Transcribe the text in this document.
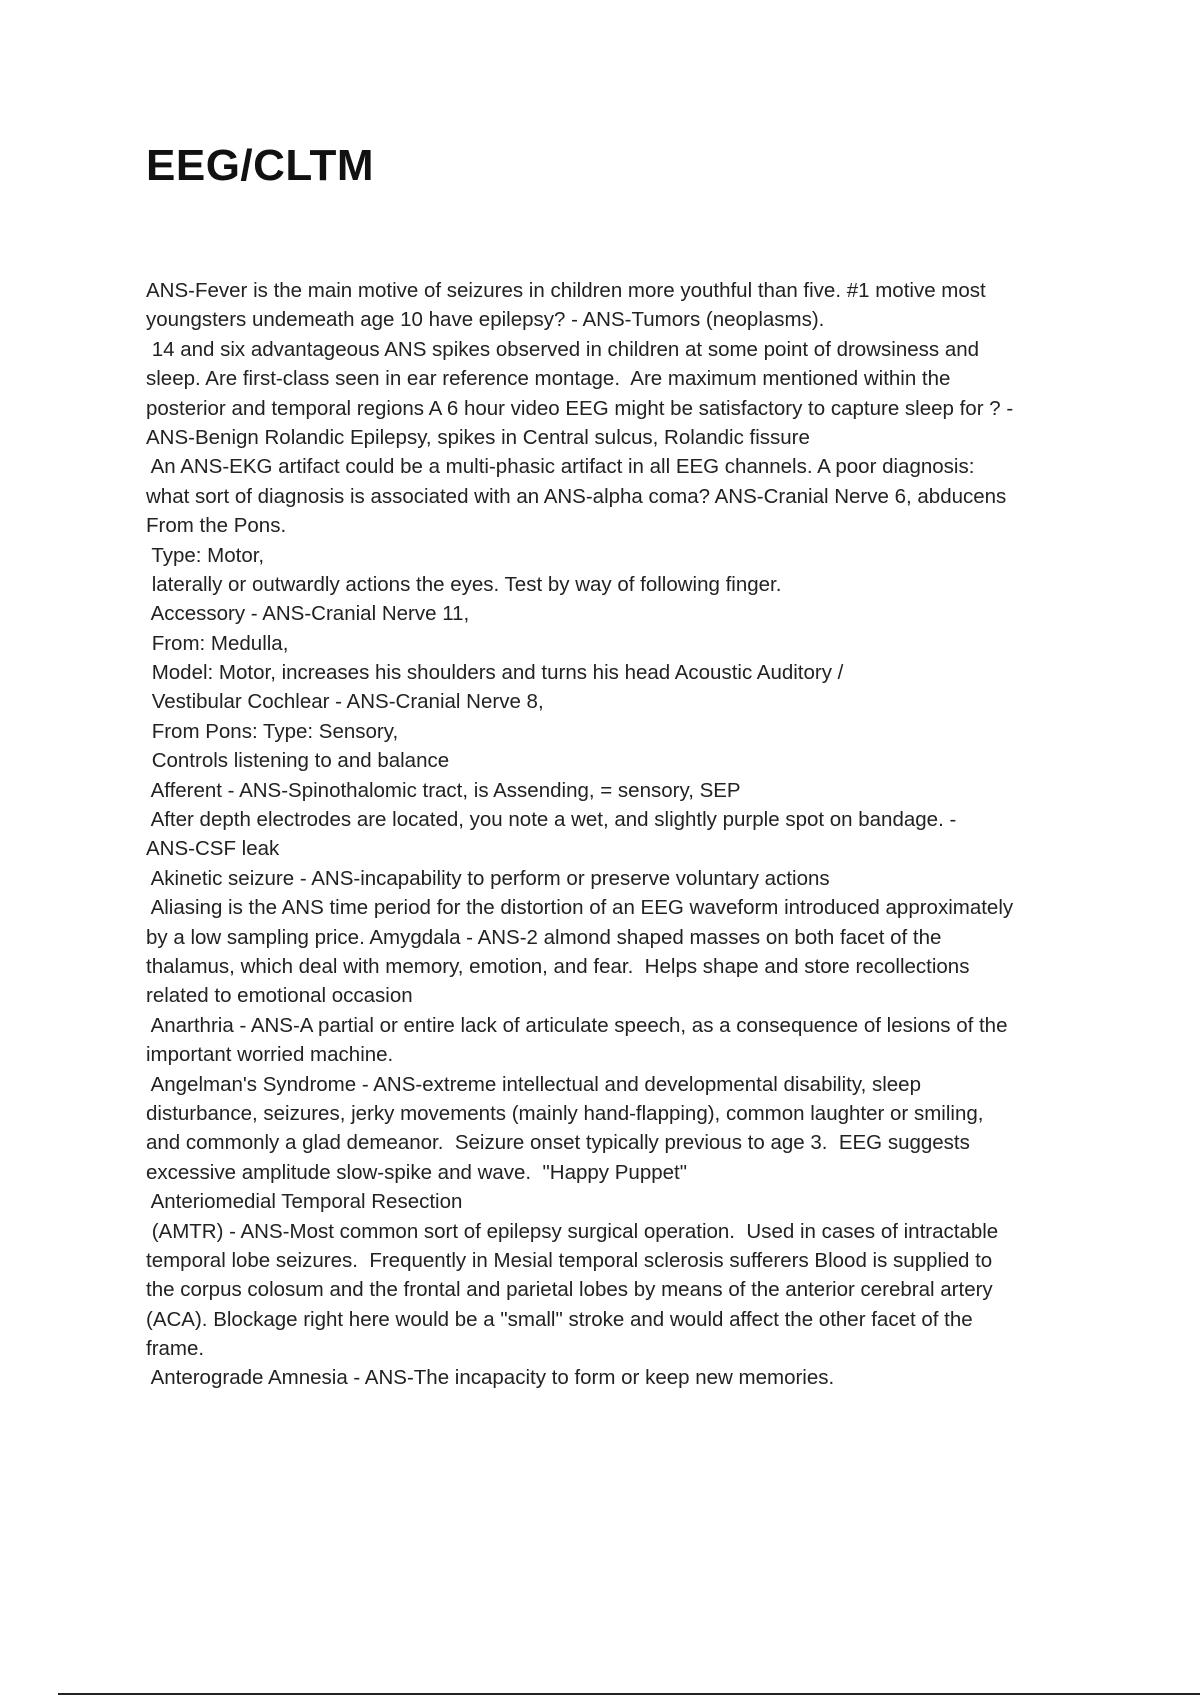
EEG/CLTM
ANS-Fever is the main motive of seizures in children more youthful than five. #1 motive most
youngsters undemeath age 10 have epilepsy? - ANS-Tumors (neoplasms).
14 and six advantageous ANS spikes observed in children at some point of drowsiness and
sleep. Are first-class seen in ear reference montage.  Are maximum mentioned within the
posterior and temporal regions A 6 hour video EEG might be satisfactory to capture sleep for ? -
ANS-Benign Rolandic Epilepsy, spikes in Central sulcus, Rolandic fissure
An ANS-EKG artifact could be a multi-phasic artifact in all EEG channels. A poor diagnosis:
what sort of diagnosis is associated with an ANS-alpha coma? ANS-Cranial Nerve 6, abducens
From the Pons.
Type: Motor,
laterally or outwardly actions the eyes. Test by way of following finger.
Accessory - ANS-Cranial Nerve 11,
From: Medulla,
Model: Motor, increases his shoulders and turns his head Acoustic Auditory /
Vestibular Cochlear - ANS-Cranial Nerve 8,
From Pons: Type: Sensory,
Controls listening to and balance
Afferent - ANS-Spinothalomic tract, is Assending, = sensory, SEP
After depth electrodes are located, you note a wet, and slightly purple spot on bandage. -
ANS-CSF leak
Akinetic seizure - ANS-incapability to perform or preserve voluntary actions
Aliasing is the ANS time period for the distortion of an EEG waveform introduced approximately
by a low sampling price. Amygdala - ANS-2 almond shaped masses on both facet of the
thalamus, which deal with memory, emotion, and fear.  Helps shape and store recollections
related to emotional occasion
Anarthria - ANS-A partial or entire lack of articulate speech, as a consequence of lesions of the
important worried machine.
Angelman's Syndrome - ANS-extreme intellectual and developmental disability, sleep
disturbance, seizures, jerky movements (mainly hand-flapping), common laughter or smiling,
and commonly a glad demeanor.  Seizure onset typically previous to age 3.  EEG suggests
excessive amplitude slow-spike and wave.  "Happy Puppet"
Anteriomedial Temporal Resection
(AMTR) - ANS-Most common sort of epilepsy surgical operation.  Used in cases of intractable
temporal lobe seizures.  Frequently in Mesial temporal sclerosis sufferers Blood is supplied to
the corpus colosum and the frontal and parietal lobes by means of the anterior cerebral artery
(ACA). Blockage right here would be a "small" stroke and would affect the other facet of the
frame.
Anterograde Amnesia - ANS-The incapacity to form or keep new memories.
